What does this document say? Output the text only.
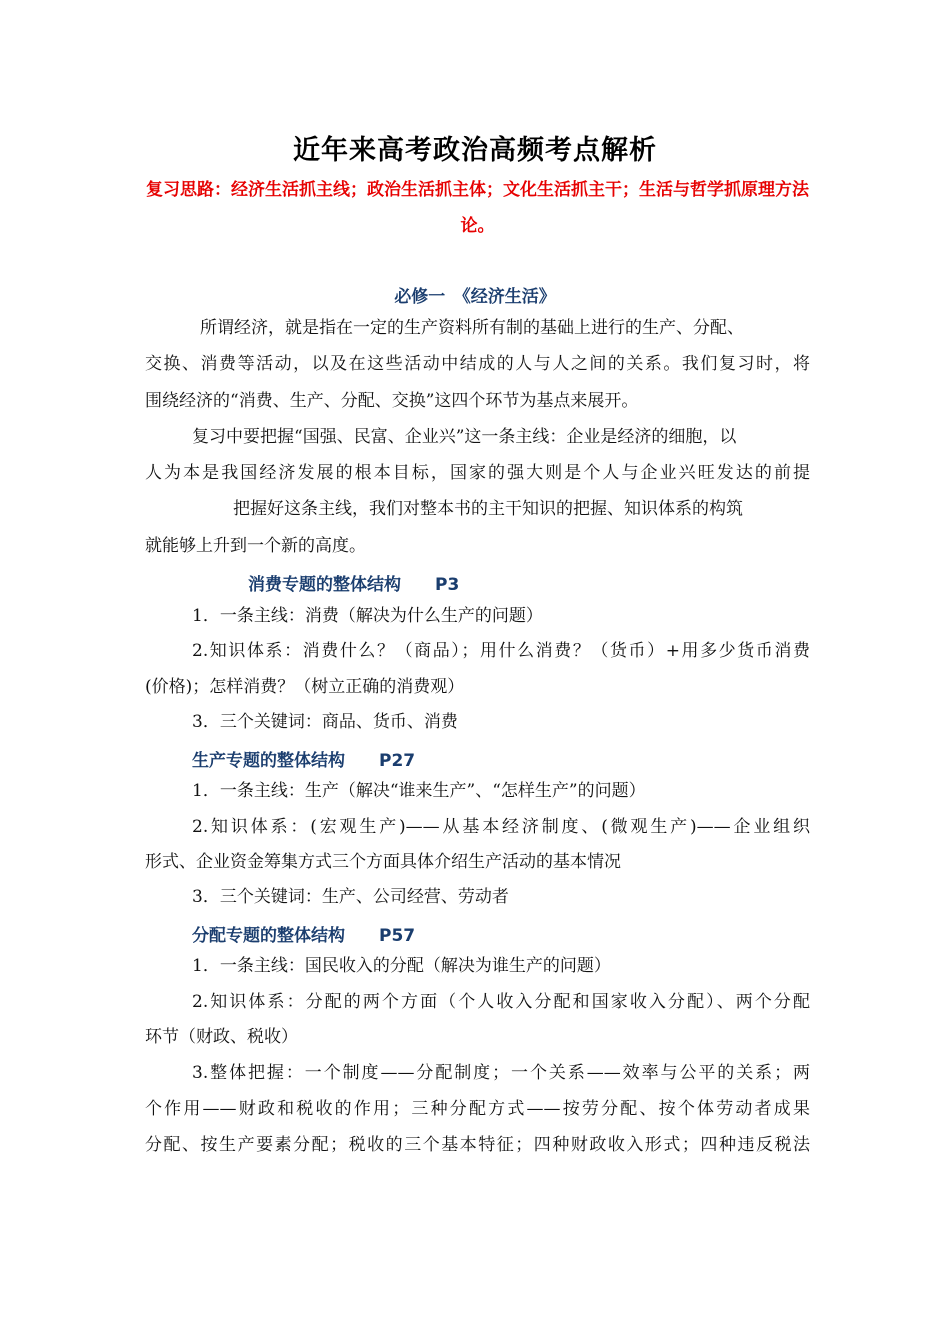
近年来高考政治高频考点解析
复习思路：经济生活抓主线；政治生活抓主体；文化生活抓主干；生活与哲学抓原理方法论。
必修一　《经济生活》
所谓经济，就是指在一定的生产资料所有制的基础上进行的生产、分配、
交换、消费等活动，以及在这些活动中结成的人与人之间的关系。我们复习时，将
围绕经济的“消费、生产、分配、交换”这四个环节为基点来展开。
复习中要把握“国强、民富、企业兴”这一条主线：企业是经济的细胞，以
人为本是我国经济发展的根本目标，国家的强大则是个人与企业兴旺发达的前提
把握好这条主线，我们对整本书的主干知识的把握、知识体系的构筑
就能够上升到一个新的高度。
消费专题的整体结构　　P3
1．一条主线：消费（解决为什么生产的问题）
2.知识体系：消费什么？（商品）；用什么消费？（货币）+用多少货币消费
(价格)；怎样消费？（树立正确的消费观）
3．三个关键词：商品、货币、消费
生产专题的整体结构　　P27
1．一条主线：生产（解决“谁来生产”、“怎样生产”的问题）
2.知识体系：(宏观生产)——从基本经济制度、(微观生产)——企业组织
形式、企业资金筹集方式三个方面具体介绍生产活动的基本情况
3．三个关键词：生产、公司经营、劳动者
分配专题的整体结构　　P57
1．一条主线：国民收入的分配（解决为谁生产的问题）
2.知识体系：分配的两个方面（个人收入分配和国家收入分配）、两个分配
环节（财政、税收）
3.整体把握：一个制度——分配制度；一个关系——效率与公平的关系；两
个作用——财政和税收的作用；三种分配方式——按劳分配、按个体劳动者成果
分配、按生产要素分配；税收的三个基本特征；四种财政收入形式；四种违反税法
